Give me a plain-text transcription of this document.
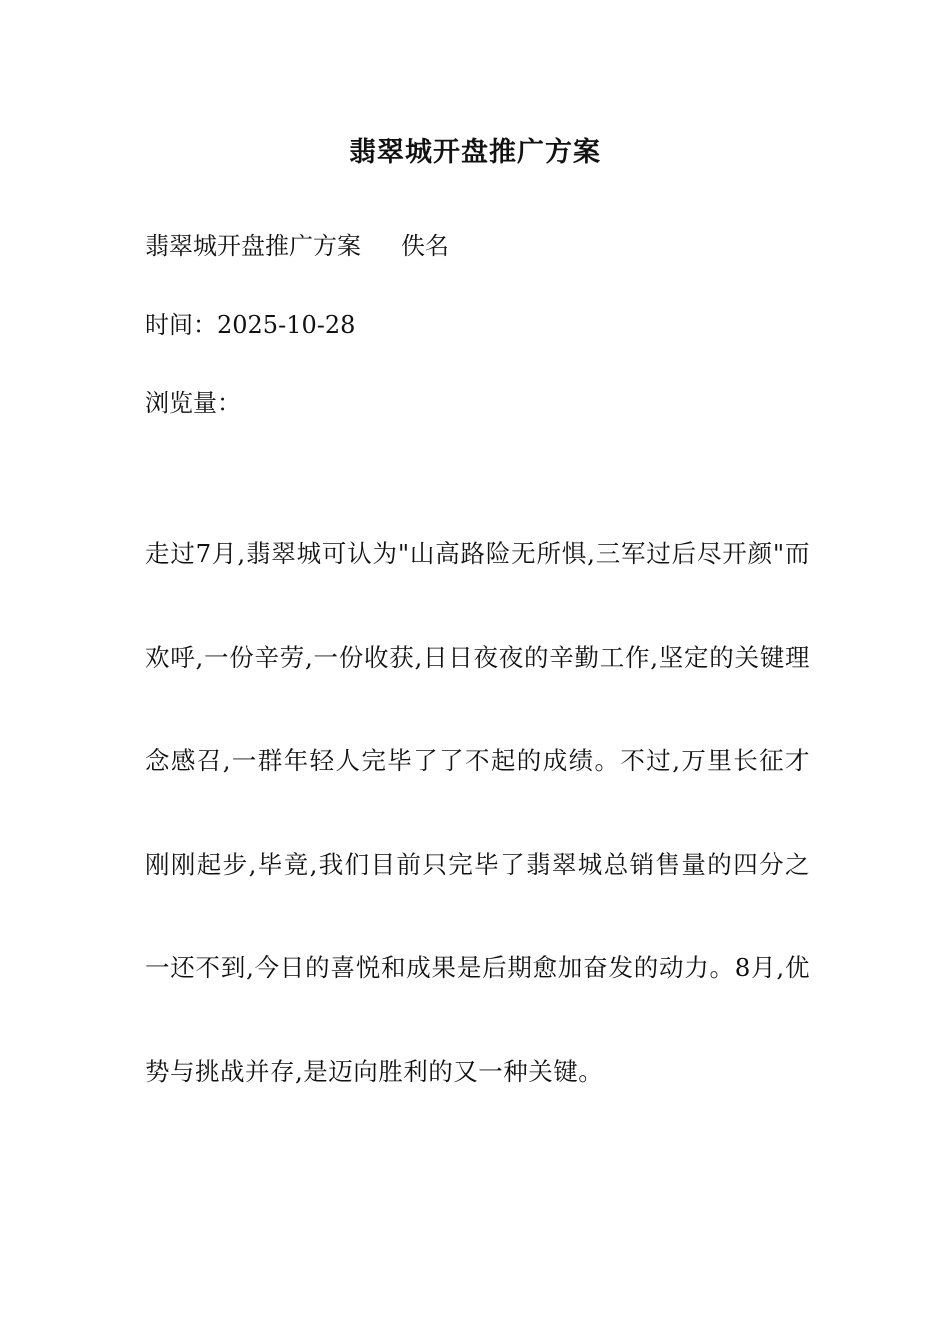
翡翠城开盘推广方案

翡翠城开盘推广方案 佚名

时间：2025-10-28

浏览量：

走过7月,翡翠城可认为"山高路险无所惧,三军过后尽开颜"而欢呼,一份辛劳,一份收获,日日夜夜的辛勤工作,坚定的关键理念感召,一群年轻人完毕了了不起的成绩。不过,万里长征才刚刚起步,毕竟,我们目前只完毕了翡翠城总销售量的四分之一还不到,今日的喜悦和成果是后期愈加奋发的动力。8月,优势与挑战并存,是迈向胜利的又一种关键。
